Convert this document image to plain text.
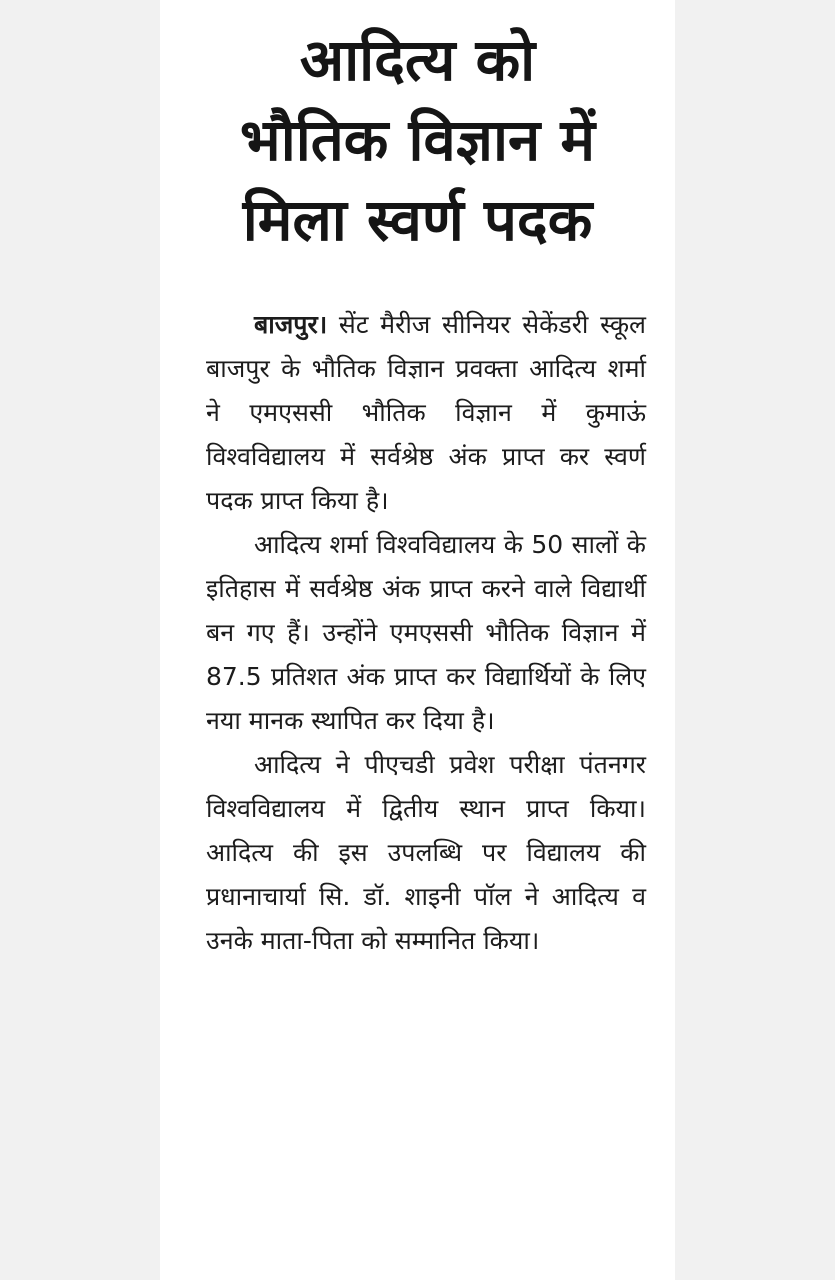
आदित्य को
भौतिक विज्ञान में
मिला स्वर्ण पदक

बाजपुर। सेंट मैरीज सीनियर सेकेंडरी स्कूल बाजपुर के भौतिक विज्ञान प्रवक्ता आदित्य शर्मा ने एमएससी भौतिक विज्ञान में कुमाऊं विश्वविद्यालय में सर्वश्रेष्ठ अंक प्राप्त कर स्वर्ण पदक प्राप्त किया है।

आदित्य शर्मा विश्वविद्यालय के 50 सालों के इतिहास में सर्वश्रेष्ठ अंक प्राप्त करने वाले विद्यार्थी बन गए हैं। उन्होंने एमएससी भौतिक विज्ञान में 87.5 प्रतिशत अंक प्राप्त कर विद्यार्थियों के लिए नया मानक स्थापित कर दिया है।

आदित्य ने पीएचडी प्रवेश परीक्षा पंतनगर विश्वविद्यालय में द्वितीय स्थान प्राप्त किया। आदित्य की इस उपलब्धि पर विद्यालय की प्रधानाचार्या सि. डॉ. शाइनी पॉल ने आदित्य व उनके माता-पिता को सम्मानित किया।
